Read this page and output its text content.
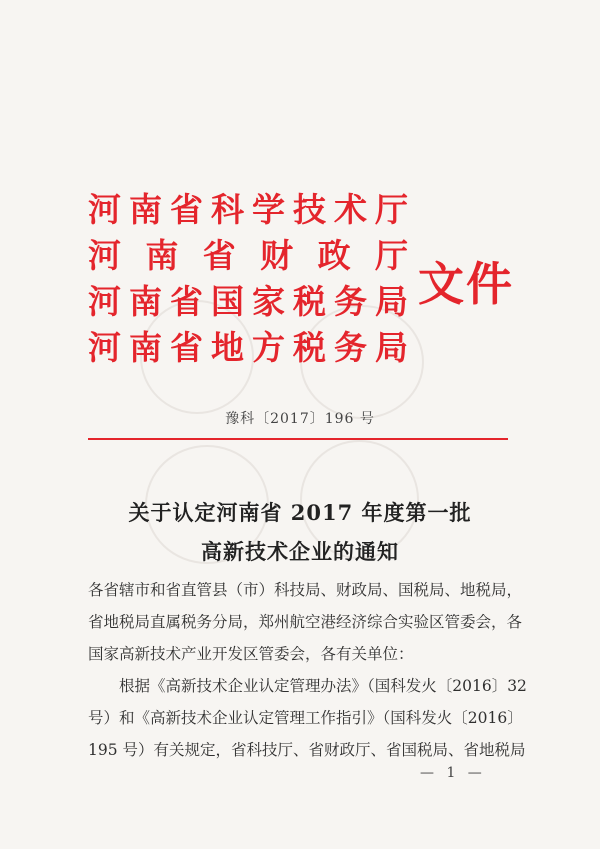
河 南 省 科 学 技 术 厅
河 南 省 财 政 厅
河 南 省 国 家 税 务 局
河 南 省 地 方 税 务 局
文件
豫科〔2017〕196 号
关于认定河南省 2017 年度第一批
高新技术企业的通知
各省辖市和省直管县（市）科技局、财政局、国税局、地税局，
省地税局直属税务分局，郑州航空港经济综合实验区管委会，各
国家高新技术产业开发区管委会，各有关单位：
根据《高新技术企业认定管理办法》（国科发火〔2016〕32
号）和《高新技术企业认定管理工作指引》（国科发火〔2016〕
195 号）有关规定，省科技厅、省财政厅、省国税局、省地税局
— 1 —
